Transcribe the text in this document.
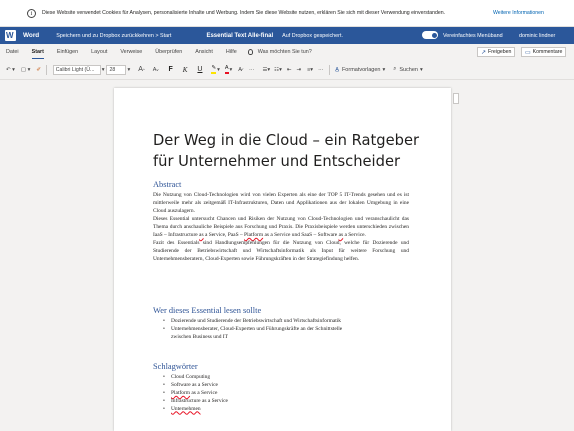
i	Diese Website verwendet Cookies für Analysen, personalisierte Inhalte und Werbung. Indem Sie diese Website nutzen, erklären Sie sich mit dieser Verwendung einverstanden.	Weitere Informationen
W
Word	Speichern und zu Dropbox zurückkehren > Start	Essential Text Alle-final Auf Dropbox gespeichert.	Vereinfachtes Menüband	dominic lindner
Datei Start Einfügen Layout Verweise Überprüfen Ansicht Hilfe	Was möchten Sie tun?	↗ Freigeben ▭ Kommentare
↶ ▾ ▢ ▾ ✐	Calibri Light (Ü...	▾ 28	▾ A ^ A v F K U ✎ ▾ A ▾ A̷ ··· ☰▾ ☷▾ ⇤ ⇥ ≡▾ ··· A̲ Formatvorlagen ▾ ⌕ Suchen ▾
Der Weg in die Cloud – ein Ratgeber für Unternehmer und Entscheider
Abstract

Die Nutzung von Cloud-Technologien wird von vielen Experten als eine der TOP 5 IT-Trends gesehen und es ist mittlerweile mehr als zeitgemäß IT-Infrastrukturen, Daten und Applikationen aus der lokalen Umgebung in eine Cloud auszulagern.

Dieses Essential untersucht Chancen und Risiken der Nutzung von Cloud-Technologien und veranschaulicht das Thema durch anschauliche Beispiele aus Forschung und Praxis. Die Praxisbeispiele werden unterschieden zwischen IaaS – Infrastructure as a Service, PaaS – Platform as a Service und SaaS – Software as a Service.

Fazit des Essentials sind Handlungsempfehlungen für die Nutzung von Cloud, welche für Dozierende und Studierende der Betriebswirtschaft und Wirtschaftsinformatik als Input für weitere Forschung und Unternehmensberatern, Cloud-Experten sowie Führungskräften in der Strategiefindung helfen.

Wer dieses Essential lesen sollte
• Dozierende und Studierende der Betriebswirtschaft und Wirtschaftsinformatik
• Unternehmensberater, Cloud-Experten und Führungskräfte an der Schnittstelle
zwischen Business und IT
Schlagwörter
• Cloud Computing
• Software as a Service
• Platform as a Service
• Infrastructure as a Service
• Unternehmen
